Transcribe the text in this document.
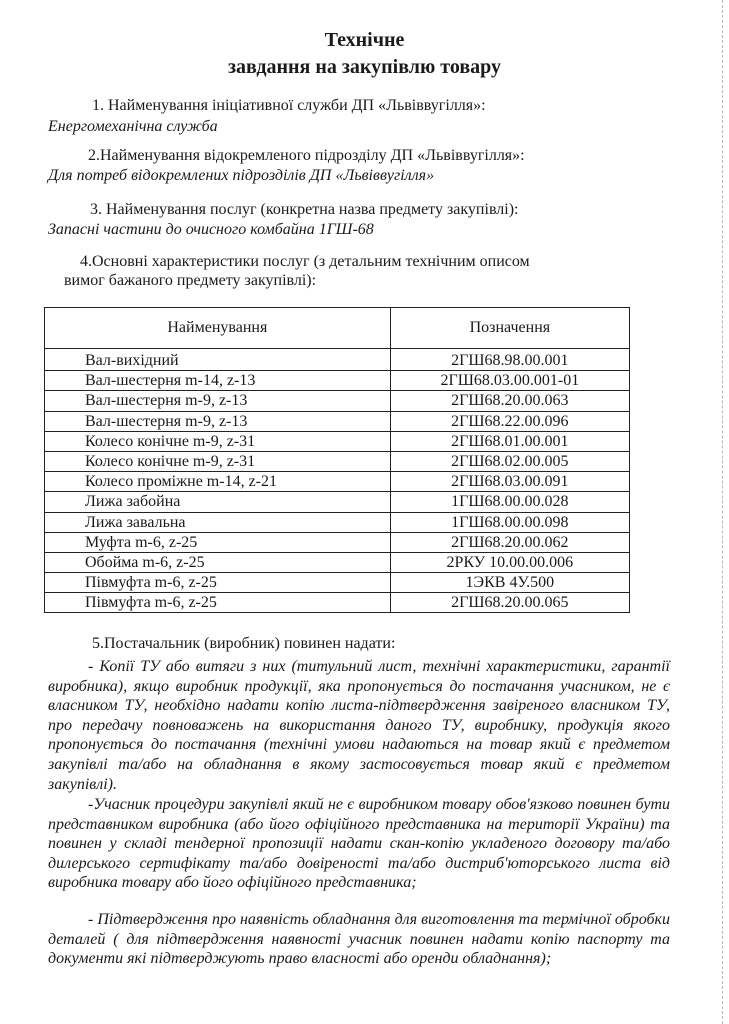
Технічне
завдання на закупівлю товару
1. Найменування ініціативної служби ДП «Львіввугілля»:
Енергомеханічна служба
2.Найменування відокремленого підрозділу ДП «Львіввугілля»:
Для потреб відокремлених підрозділів ДП «Львіввугілля»
3. Найменування послуг (конкретна назва предмету закупівлі):
Запасні частини до очисного комбайна 1ГШ-68
4.Основні характеристики послуг (з детальним технічним описом
вимог бажаного предмету закупівлі):
Найменування	Позначення
Вал-вихідний	2ГШ68.98.00.001
Вал-шестерня m-14, z-13	2ГШ68.03.00.001-01
Вал-шестерня m-9, z-13	2ГШ68.20.00.063
Вал-шестерня m-9, z-13	2ГШ68.22.00.096
Колесо конічне m-9, z-31	2ГШ68.01.00.001
Колесо конічне m-9, z-31	2ГШ68.02.00.005
Колесо проміжне m-14, z-21	2ГШ68.03.00.091
Лижа забойна	1ГШ68.00.00.028
Лижа завальна	1ГШ68.00.00.098
Муфта m-6, z-25	2ГШ68.20.00.062
Обойма m-6, z-25	2РКУ 10.00.00.006
Півмуфта m-6, z-25	1ЭКВ 4У.500
Півмуфта m-6, z-25	2ГШ68.20.00.065
5.Постачальник (виробник) повинен надати:
- Копії ТУ або витяги з них (титульний лист, технічні характеристики, гарантії виробника), якщо виробник продукції, яка пропонується до постачання учасником, не є власником ТУ, необхідно надати копію листа-підтвердження завіреного власником ТУ, про передачу повноважень на використання даного ТУ, виробнику, продукція якого пропонується до постачання (технічні умови надаються на товар який є предметом закупівлі та/або на обладнання в якому застосовується товар який є предметом закупівлі).
-Учасник процедури закупівлі який не є виробником товару обов'язково повинен бути представником виробника (або його офіційного представника на території України) та повинен у складі тендерної пропозиції надати скан-копію укладеного договору та/або дилерського сертифікату та/або довіреності та/або дистриб'юторського листа від виробника товару або його офіційного представника;
- Підтвердження про наявність обладнання для виготовлення та термічної обробки деталей ( для підтвердження наявності учасник повинен надати копію паспорту та документи які підтверджують право власності або оренди обладнання);
